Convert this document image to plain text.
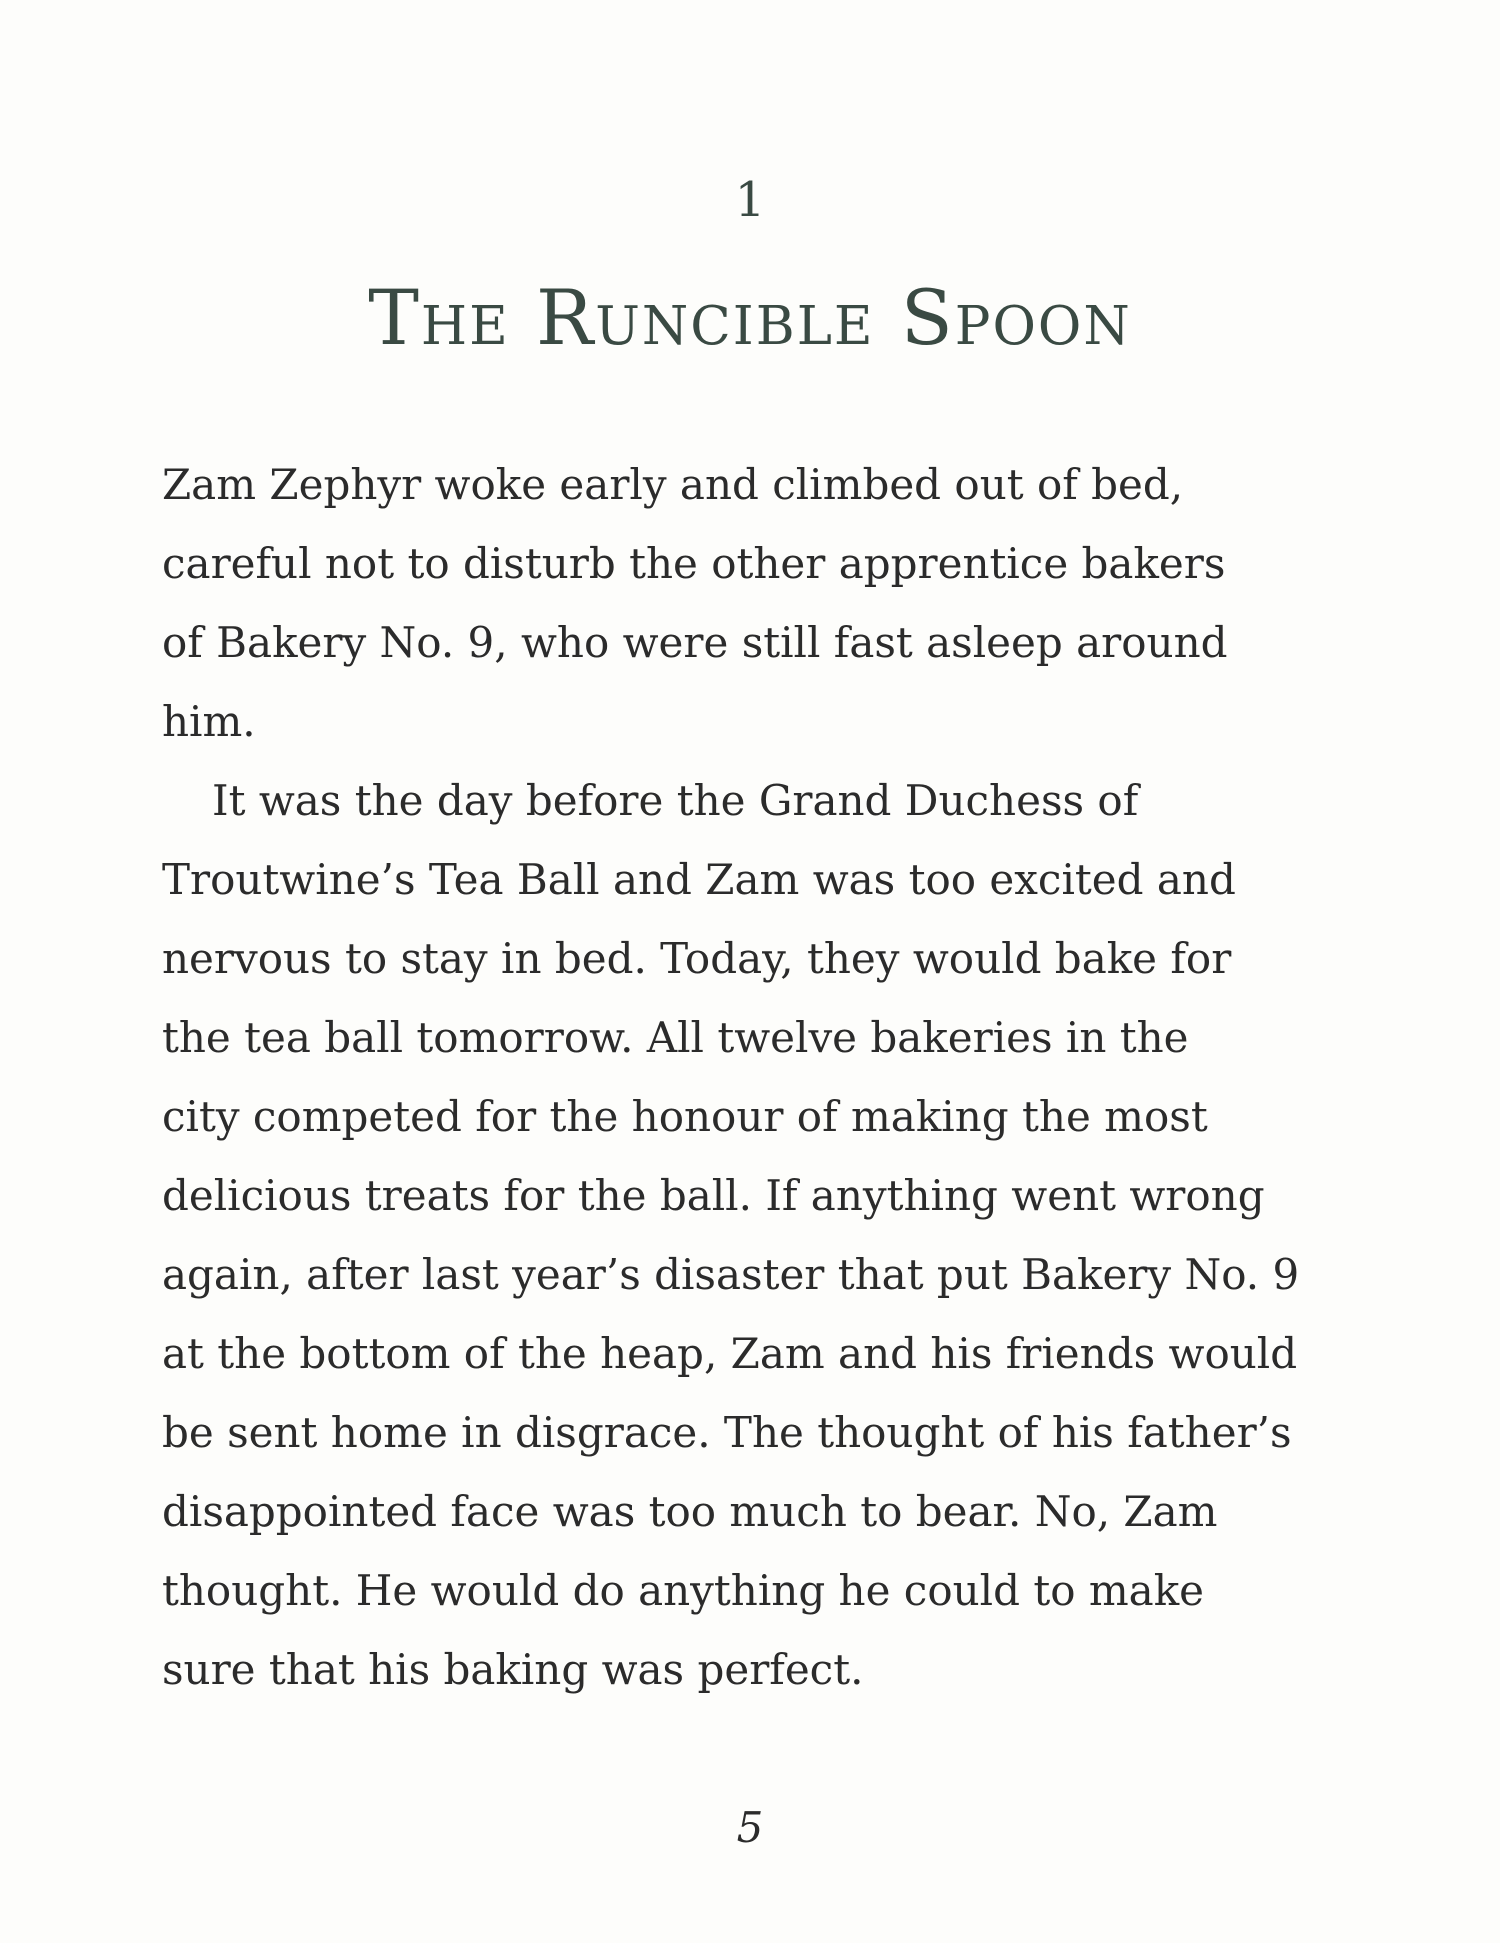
1
The Runcible Spoon
Zam Zephyr woke early and climbed out of bed,
careful not to disturb the other apprentice bakers
of Bakery No. 9, who were still fast asleep around
him.
It was the day before the Grand Duchess of
Troutwine’s Tea Ball and Zam was too excited and
nervous to stay in bed. Today, they would bake for
the tea ball tomorrow. All twelve bakeries in the
city competed for the honour of making the most
delicious treats for the ball. If anything went wrong
again, after last year’s disaster that put Bakery No. 9
at the bottom of the heap, Zam and his friends would
be sent home in disgrace. The thought of his father’s
disappointed face was too much to bear. No, Zam
thought. He would do anything he could to make
sure that his baking was perfect.
5
